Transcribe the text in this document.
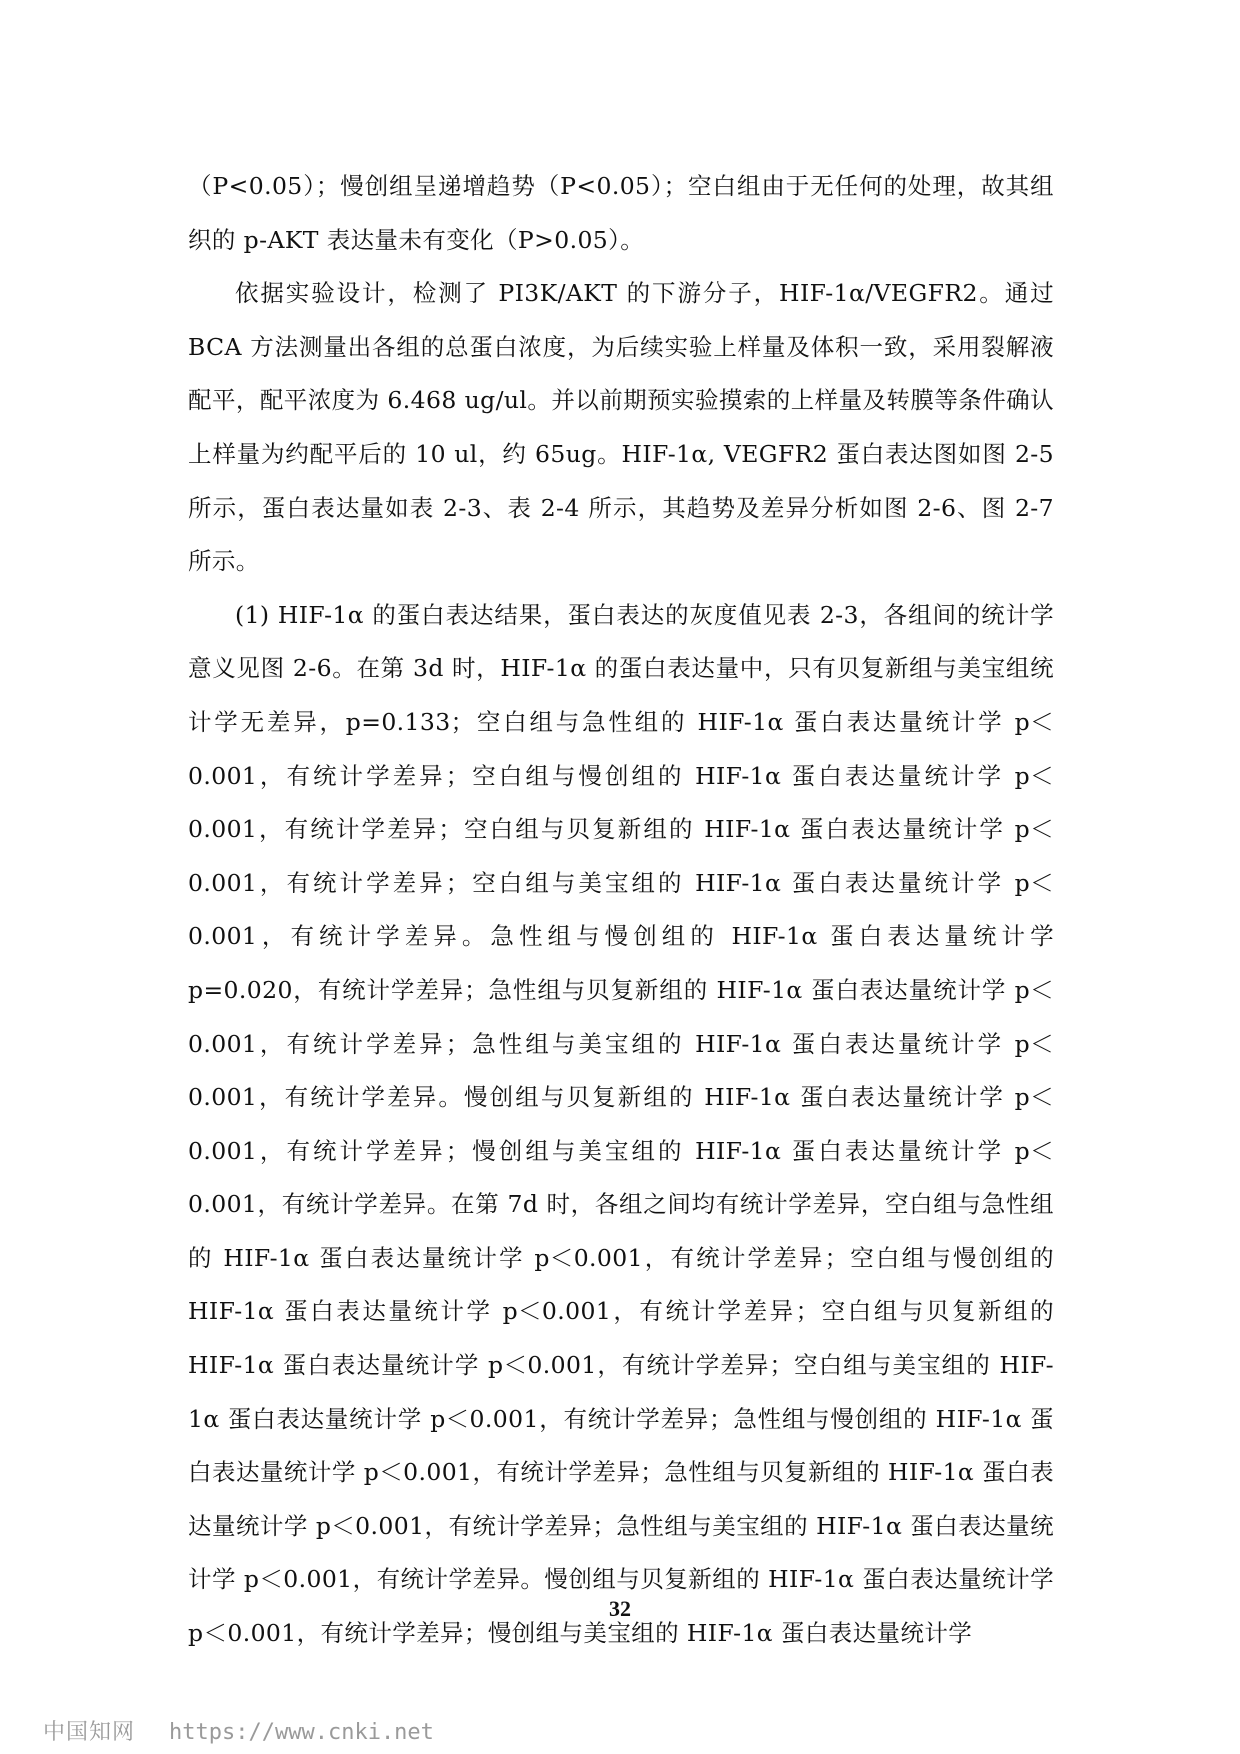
（P<0.05）；慢创组呈递增趋势（P<0.05）；空白组由于无任何的处理，故其组织的 p-AKT 表达量未有变化（P>0.05）。

依据实验设计，检测了 PI3K/AKT 的下游分子，HIF-1α/VEGFR2。通过 BCA 方法测量出各组的总蛋白浓度，为后续实验上样量及体积一致，采用裂解液配平，配平浓度为 6.468 ug/ul。并以前期预实验摸索的上样量及转膜等条件确认上样量为约配平后的 10 ul，约 65ug。HIF-1α, VEGFR2 蛋白表达图如图 2-5 所示，蛋白表达量如表 2-3、表 2-4 所示，其趋势及差异分析如图 2-6、图 2-7 所示。

(1) HIF-1α 的蛋白表达结果，蛋白表达的灰度值见表 2-3，各组间的统计学意义见图 2-6。在第 3d 时，HIF-1α 的蛋白表达量中，只有贝复新组与美宝组统计学无差异，p=0.133；空白组与急性组的 HIF-1α 蛋白表达量统计学 p＜0.001，有统计学差异；空白组与慢创组的 HIF-1α 蛋白表达量统计学 p＜0.001，有统计学差异；空白组与贝复新组的 HIF-1α 蛋白表达量统计学 p＜0.001，有统计学差异；空白组与美宝组的 HIF-1α 蛋白表达量统计学 p＜0.001，有统计学差异。急性组与慢创组的 HIF-1α 蛋白表达量统计学 p=0.020，有统计学差异；急性组与贝复新组的 HIF-1α 蛋白表达量统计学 p＜0.001，有统计学差异；急性组与美宝组的 HIF-1α 蛋白表达量统计学 p＜0.001，有统计学差异。慢创组与贝复新组的 HIF-1α 蛋白表达量统计学 p＜0.001，有统计学差异；慢创组与美宝组的 HIF-1α 蛋白表达量统计学 p＜0.001，有统计学差异。在第 7d 时，各组之间均有统计学差异，空白组与急性组的 HIF-1α 蛋白表达量统计学 p＜0.001，有统计学差异；空白组与慢创组的 HIF-1α 蛋白表达量统计学 p＜0.001，有统计学差异；空白组与贝复新组的 HIF-1α 蛋白表达量统计学 p＜0.001，有统计学差异；空白组与美宝组的 HIF-1α 蛋白表达量统计学 p＜0.001，有统计学差异；急性组与慢创组的 HIF-1α 蛋白表达量统计学 p＜0.001，有统计学差异；急性组与贝复新组的 HIF-1α 蛋白表达量统计学 p＜0.001，有统计学差异；急性组与美宝组的 HIF-1α 蛋白表达量统计学 p＜0.001，有统计学差异。慢创组与贝复新组的 HIF-1α 蛋白表达量统计学 p＜0.001，有统计学差异；慢创组与美宝组的 HIF-1α 蛋白表达量统计学

32
中国知网 https://www.cnki.net
